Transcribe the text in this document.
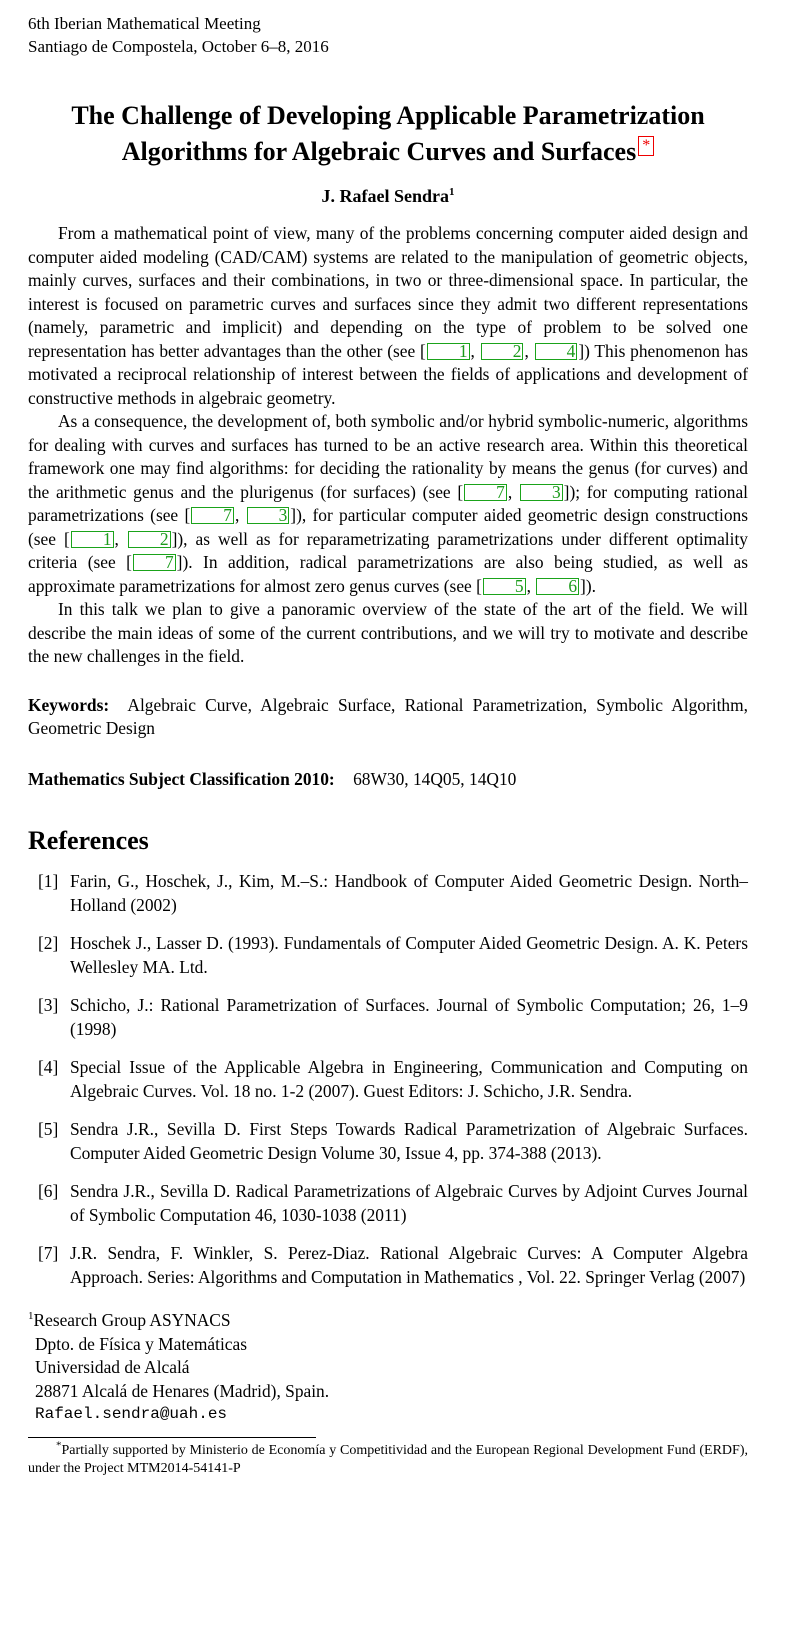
6th Iberian Mathematical Meeting
Santiago de Compostela, October 6–8, 2016
The Challenge of Developing Applicable Parametrization
Algorithms for Algebraic Curves and Surfaces *
J. Rafael Sendra$^1$

From a mathematical point of view, many of the problems concerning computer aided design and computer aided modeling (CAD/CAM) systems are related to the manipulation of geometric objects, mainly curves, surfaces and their combinations, in two or three-dimensional space. In particular, the interest is focused on parametric curves and surfaces since they admit two different representations (namely, parametric and implicit) and depending on the type of problem to be solved one representation has better advantages than the other (see [ 1 , 2 , 4 ]) This phenomenon has motivated a reciprocal relationship of interest between the fields of applications and development of constructive methods in algebraic geometry.

As a consequence, the development of, both symbolic and/or hybrid symbolic-numeric, algorithms for dealing with curves and surfaces has turned to be an active research area. Within this theoretical framework one may find algorithms: for deciding the rationality by means the genus (for curves) and the arithmetic genus and the plurigenus (for surfaces) (see [ 7 , 3 ]); for computing rational parametrizations (see [ 7 , 3 ]), for particular computer aided geometric design constructions (see [ 1 , 2 ]), as well as for reparametrizating parametrizations under different optimality criteria (see [ 7 ]). In addition, radical parametrizations are also being studied, as well as approximate parametrizations for almost zero genus curves (see [ 5 , 6 ]).

In this talk we plan to give a panoramic overview of the state of the art of the field. We will describe the main ideas of some of the current contributions, and we will try to motivate and describe the new challenges in the field.

Keywords: Algebraic Curve, Algebraic Surface, Rational Parametrization, Symbolic Algorithm, Geometric Design
Mathematics Subject Classification 2010: 68W30, 14Q05, 14Q10
References
[1] Farin, G., Hoschek, J., Kim, M.–S.: Handbook of Computer Aided Geometric Design. North–Holland (2002)
[2] Hoschek J., Lasser D. (1993). Fundamentals of Computer Aided Geometric Design. A. K. Peters Wellesley MA. Ltd.
[3] Schicho, J.: Rational Parametrization of Surfaces. Journal of Symbolic Computation; 26, 1–9 (1998)
[4] Special Issue of the Applicable Algebra in Engineering, Communication and Computing on Algebraic Curves. Vol. 18 no. 1-2 (2007). Guest Editors: J. Schicho, J.R. Sendra.
[5] Sendra J.R., Sevilla D. First Steps Towards Radical Parametrization of Algebraic Surfaces. Computer Aided Geometric Design Volume 30, Issue 4, pp. 374-388 (2013).
[6] Sendra J.R., Sevilla D. Radical Parametrizations of Algebraic Curves by Adjoint Curves Journal of Symbolic Computation 46, 1030-1038 (2011)
[7] J.R. Sendra, F. Winkler, S. Perez-Diaz. Rational Algebraic Curves: A Computer Algebra Approach. Series: Algorithms and Computation in Mathematics , Vol. 22. Springer Verlag (2007)
$^1$Research Group ASYNACS
Dpto. de Física y Matemáticas
Universidad de Alcalá
28871 Alcalá de Henares (Madrid), Spain.
Rafael.sendra@uah.es
*Partially supported by Ministerio de Economía y Competitividad and the European Regional Development Fund (ERDF), under the Project MTM2014-54141-P
